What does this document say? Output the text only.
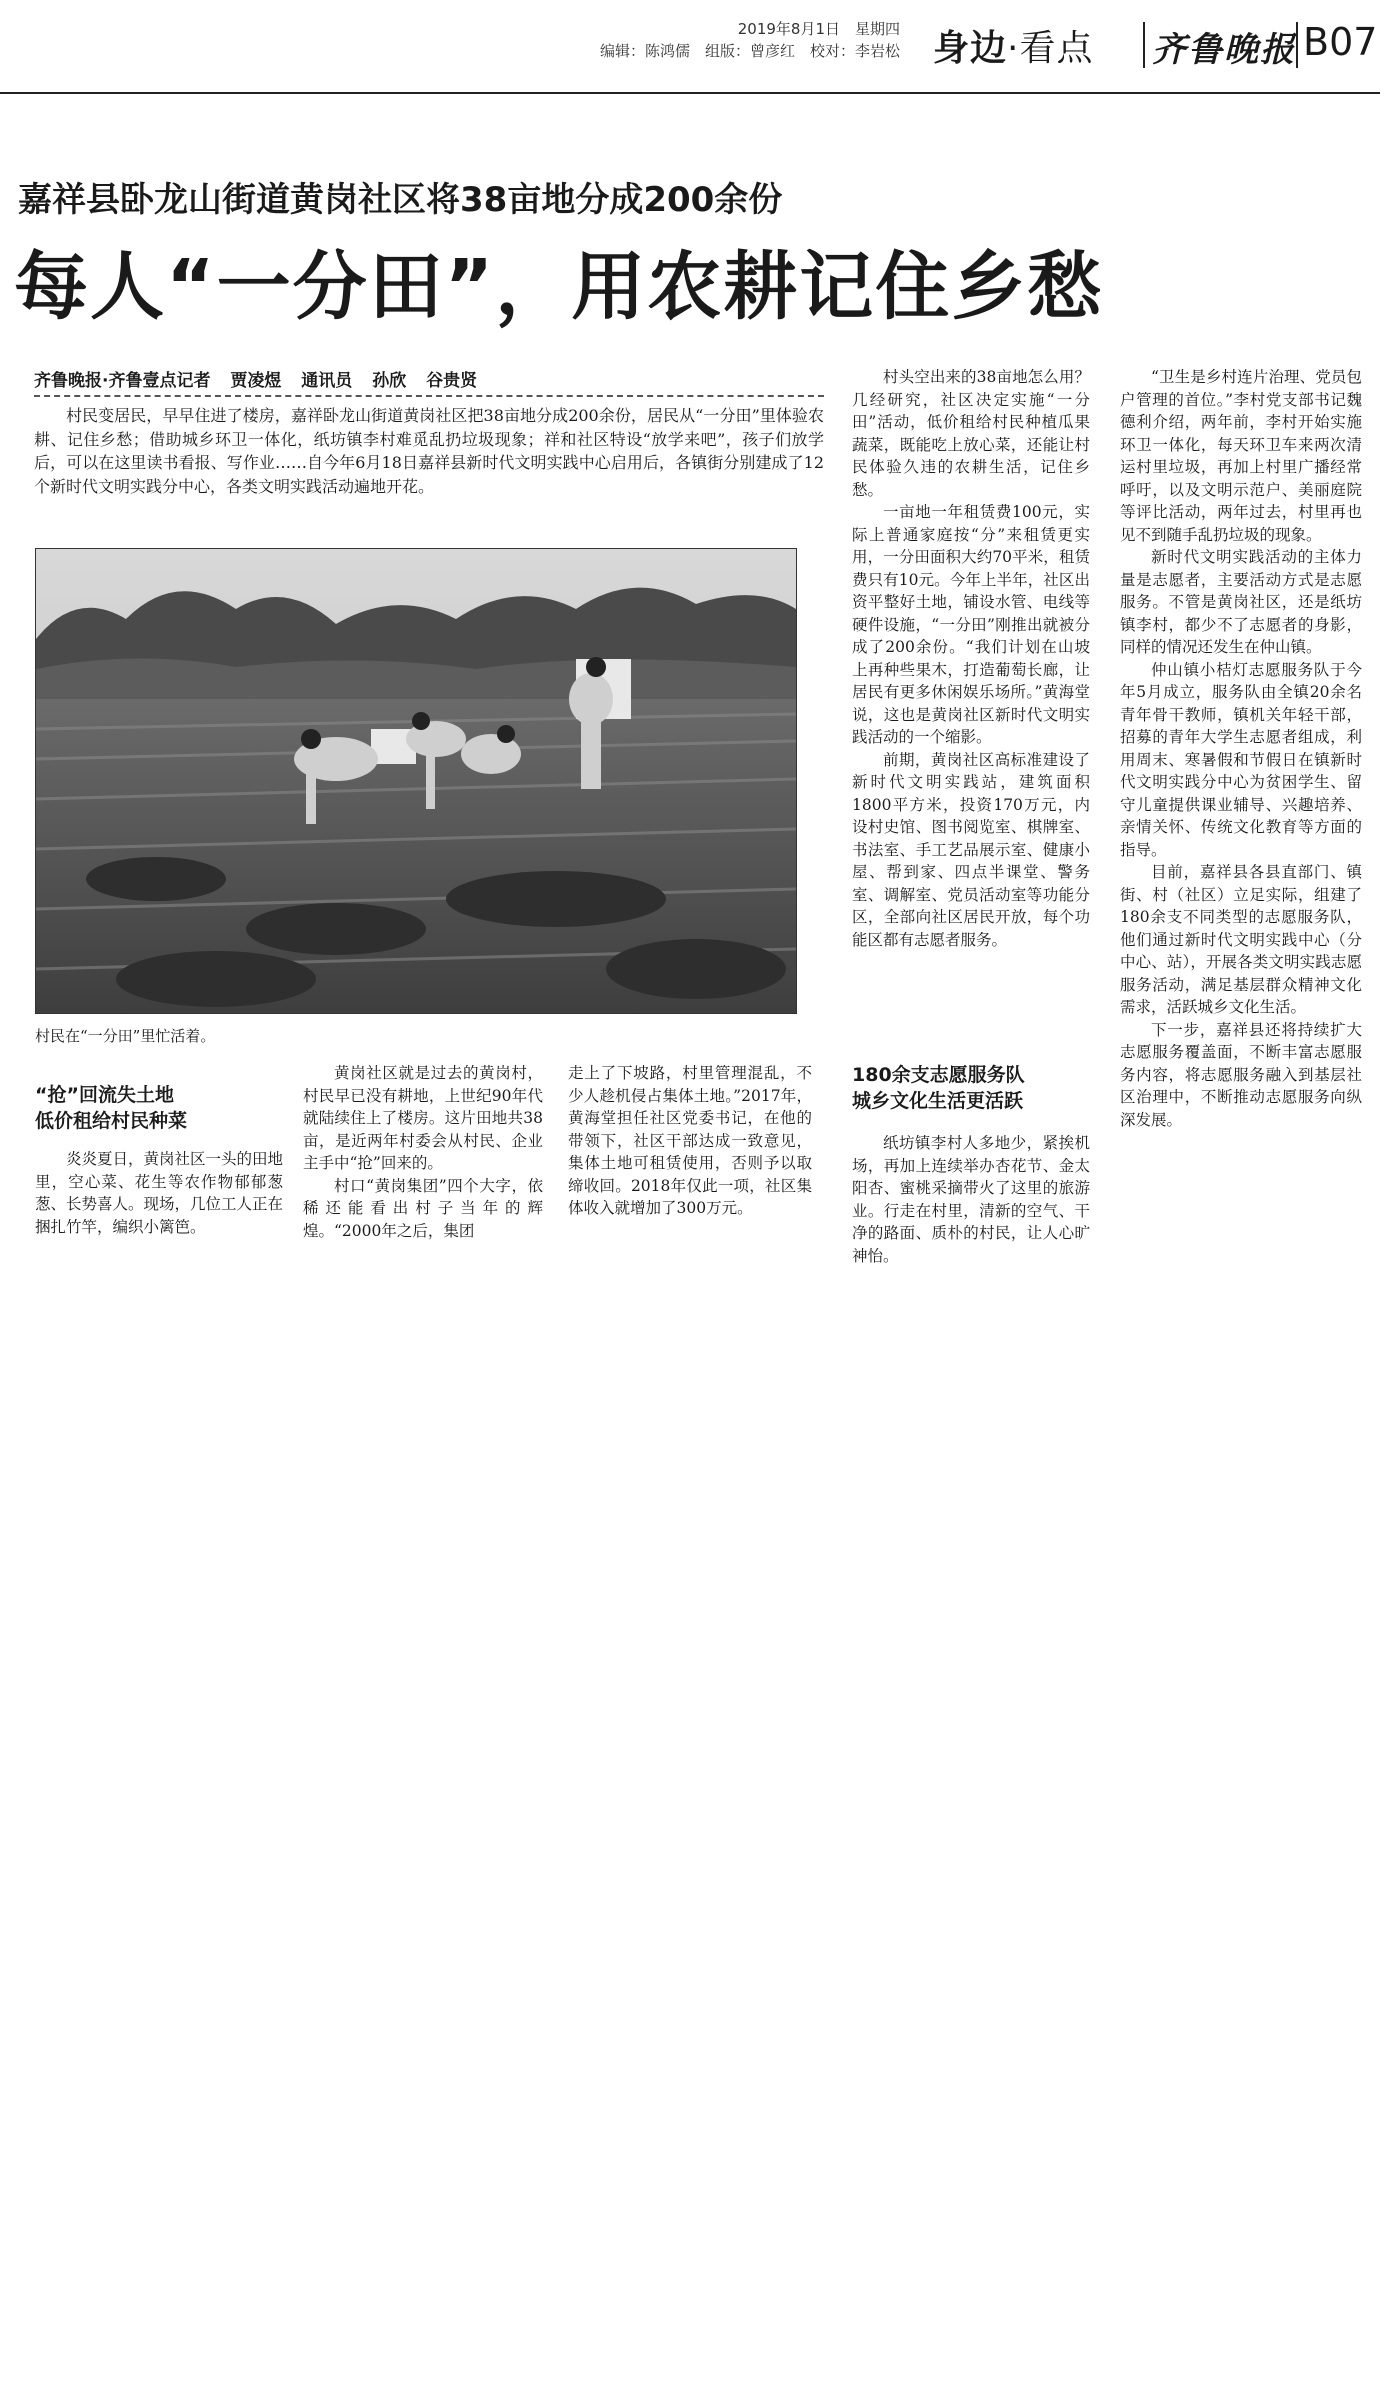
2019年8月1日　星期四
编辑：陈鸿儒　组版：曾彦红　校对：李岩松 身边·看点 齐鲁晚报 B07
嘉祥县卧龙山街道黄岗社区将38亩地分成200余份
每人“一分田”，用农耕记住乡愁
齐鲁晚报·齐鲁壹点记者 贾凌煜 通讯员 孙欣 谷贵贤

村民变居民，早早住进了楼房，嘉祥卧龙山街道黄岗社区把38亩地分成200余份，居民从“一分田”里体验农耕、记住乡愁；借助城乡环卫一体化，纸坊镇李村难觅乱扔垃圾现象；祥和社区特设“放学来吧”，孩子们放学后，可以在这里读书看报、写作业……自今年6月18日嘉祥县新时代文明实践中心启用后，各镇街分别建成了12个新时代文明实践分中心，各类文明实践活动遍地开花。

村民在“一分田”里忙活着。
“抢”回流失土地
低价租给村民种菜

炎炎夏日，黄岗社区一头的田地里，空心菜、花生等农作物郁郁葱葱、长势喜人。现场，几位工人正在捆扎竹竿，编织小篱笆。

黄岗社区就是过去的黄岗村，村民早已没有耕地，上世纪90年代就陆续住上了楼房。这片田地共38亩，是近两年村委会从村民、企业主手中“抢”回来的。

村口“黄岗集团”四个大字，依稀还能看出村子当年的辉煌。“2000年之后，集团

走上了下坡路，村里管理混乱，不少人趁机侵占集体土地。”2017年，黄海堂担任社区党委书记，在他的带领下，社区干部达成一致意见，集体土地可租赁使用，否则予以取缔收回。2018年仅此一项，社区集体收入就增加了300万元。

村头空出来的38亩地怎么用？几经研究，社区决定实施“一分田”活动，低价租给村民种植瓜果蔬菜，既能吃上放心菜，还能让村民体验久违的农耕生活，记住乡愁。

一亩地一年租赁费100元，实际上普通家庭按“分”来租赁更实用，一分田面积大约70平米，租赁费只有10元。今年上半年，社区出资平整好土地，铺设水管、电线等硬件设施，“一分田”刚推出就被分成了200余份。“我们计划在山坡上再种些果木，打造葡萄长廊，让居民有更多休闲娱乐场所。”黄海堂说，这也是黄岗社区新时代文明实践活动的一个缩影。

前期，黄岗社区高标准建设了新时代文明实践站，建筑面积1800平方米，投资170万元，内设村史馆、图书阅览室、棋牌室、书法室、手工艺品展示室、健康小屋、帮到家、四点半课堂、警务室、调解室、党员活动室等功能分区，全部向社区居民开放，每个功能区都有志愿者服务。

180余支志愿服务队
城乡文化生活更活跃

纸坊镇李村人多地少，紧挨机场，再加上连续举办杏花节、金太阳杏、蜜桃采摘带火了这里的旅游业。行走在村里，清新的空气、干净的路面、质朴的村民，让人心旷神怡。

“卫生是乡村连片治理、党员包户管理的首位。”李村党支部书记魏德利介绍，两年前，李村开始实施环卫一体化，每天环卫车来两次清运村里垃圾，再加上村里广播经常呼吁，以及文明示范户、美丽庭院等评比活动，两年过去，村里再也见不到随手乱扔垃圾的现象。

新时代文明实践活动的主体力量是志愿者，主要活动方式是志愿服务。不管是黄岗社区，还是纸坊镇李村，都少不了志愿者的身影，同样的情况还发生在仲山镇。

仲山镇小桔灯志愿服务队于今年5月成立，服务队由全镇20余名青年骨干教师，镇机关年轻干部，招募的青年大学生志愿者组成，利用周末、寒暑假和节假日在镇新时代文明实践分中心为贫困学生、留守儿童提供课业辅导、兴趣培养、亲情关怀、传统文化教育等方面的指导。

目前，嘉祥县各县直部门、镇街、村（社区）立足实际，组建了180余支不同类型的志愿服务队，他们通过新时代文明实践中心（分中心、站），开展各类文明实践志愿服务活动，满足基层群众精神文化需求，活跃城乡文化生活。

下一步，嘉祥县还将持续扩大志愿服务覆盖面，不断丰富志愿服务内容，将志愿服务融入到基层社区治理中，不断推动志愿服务向纵深发展。
